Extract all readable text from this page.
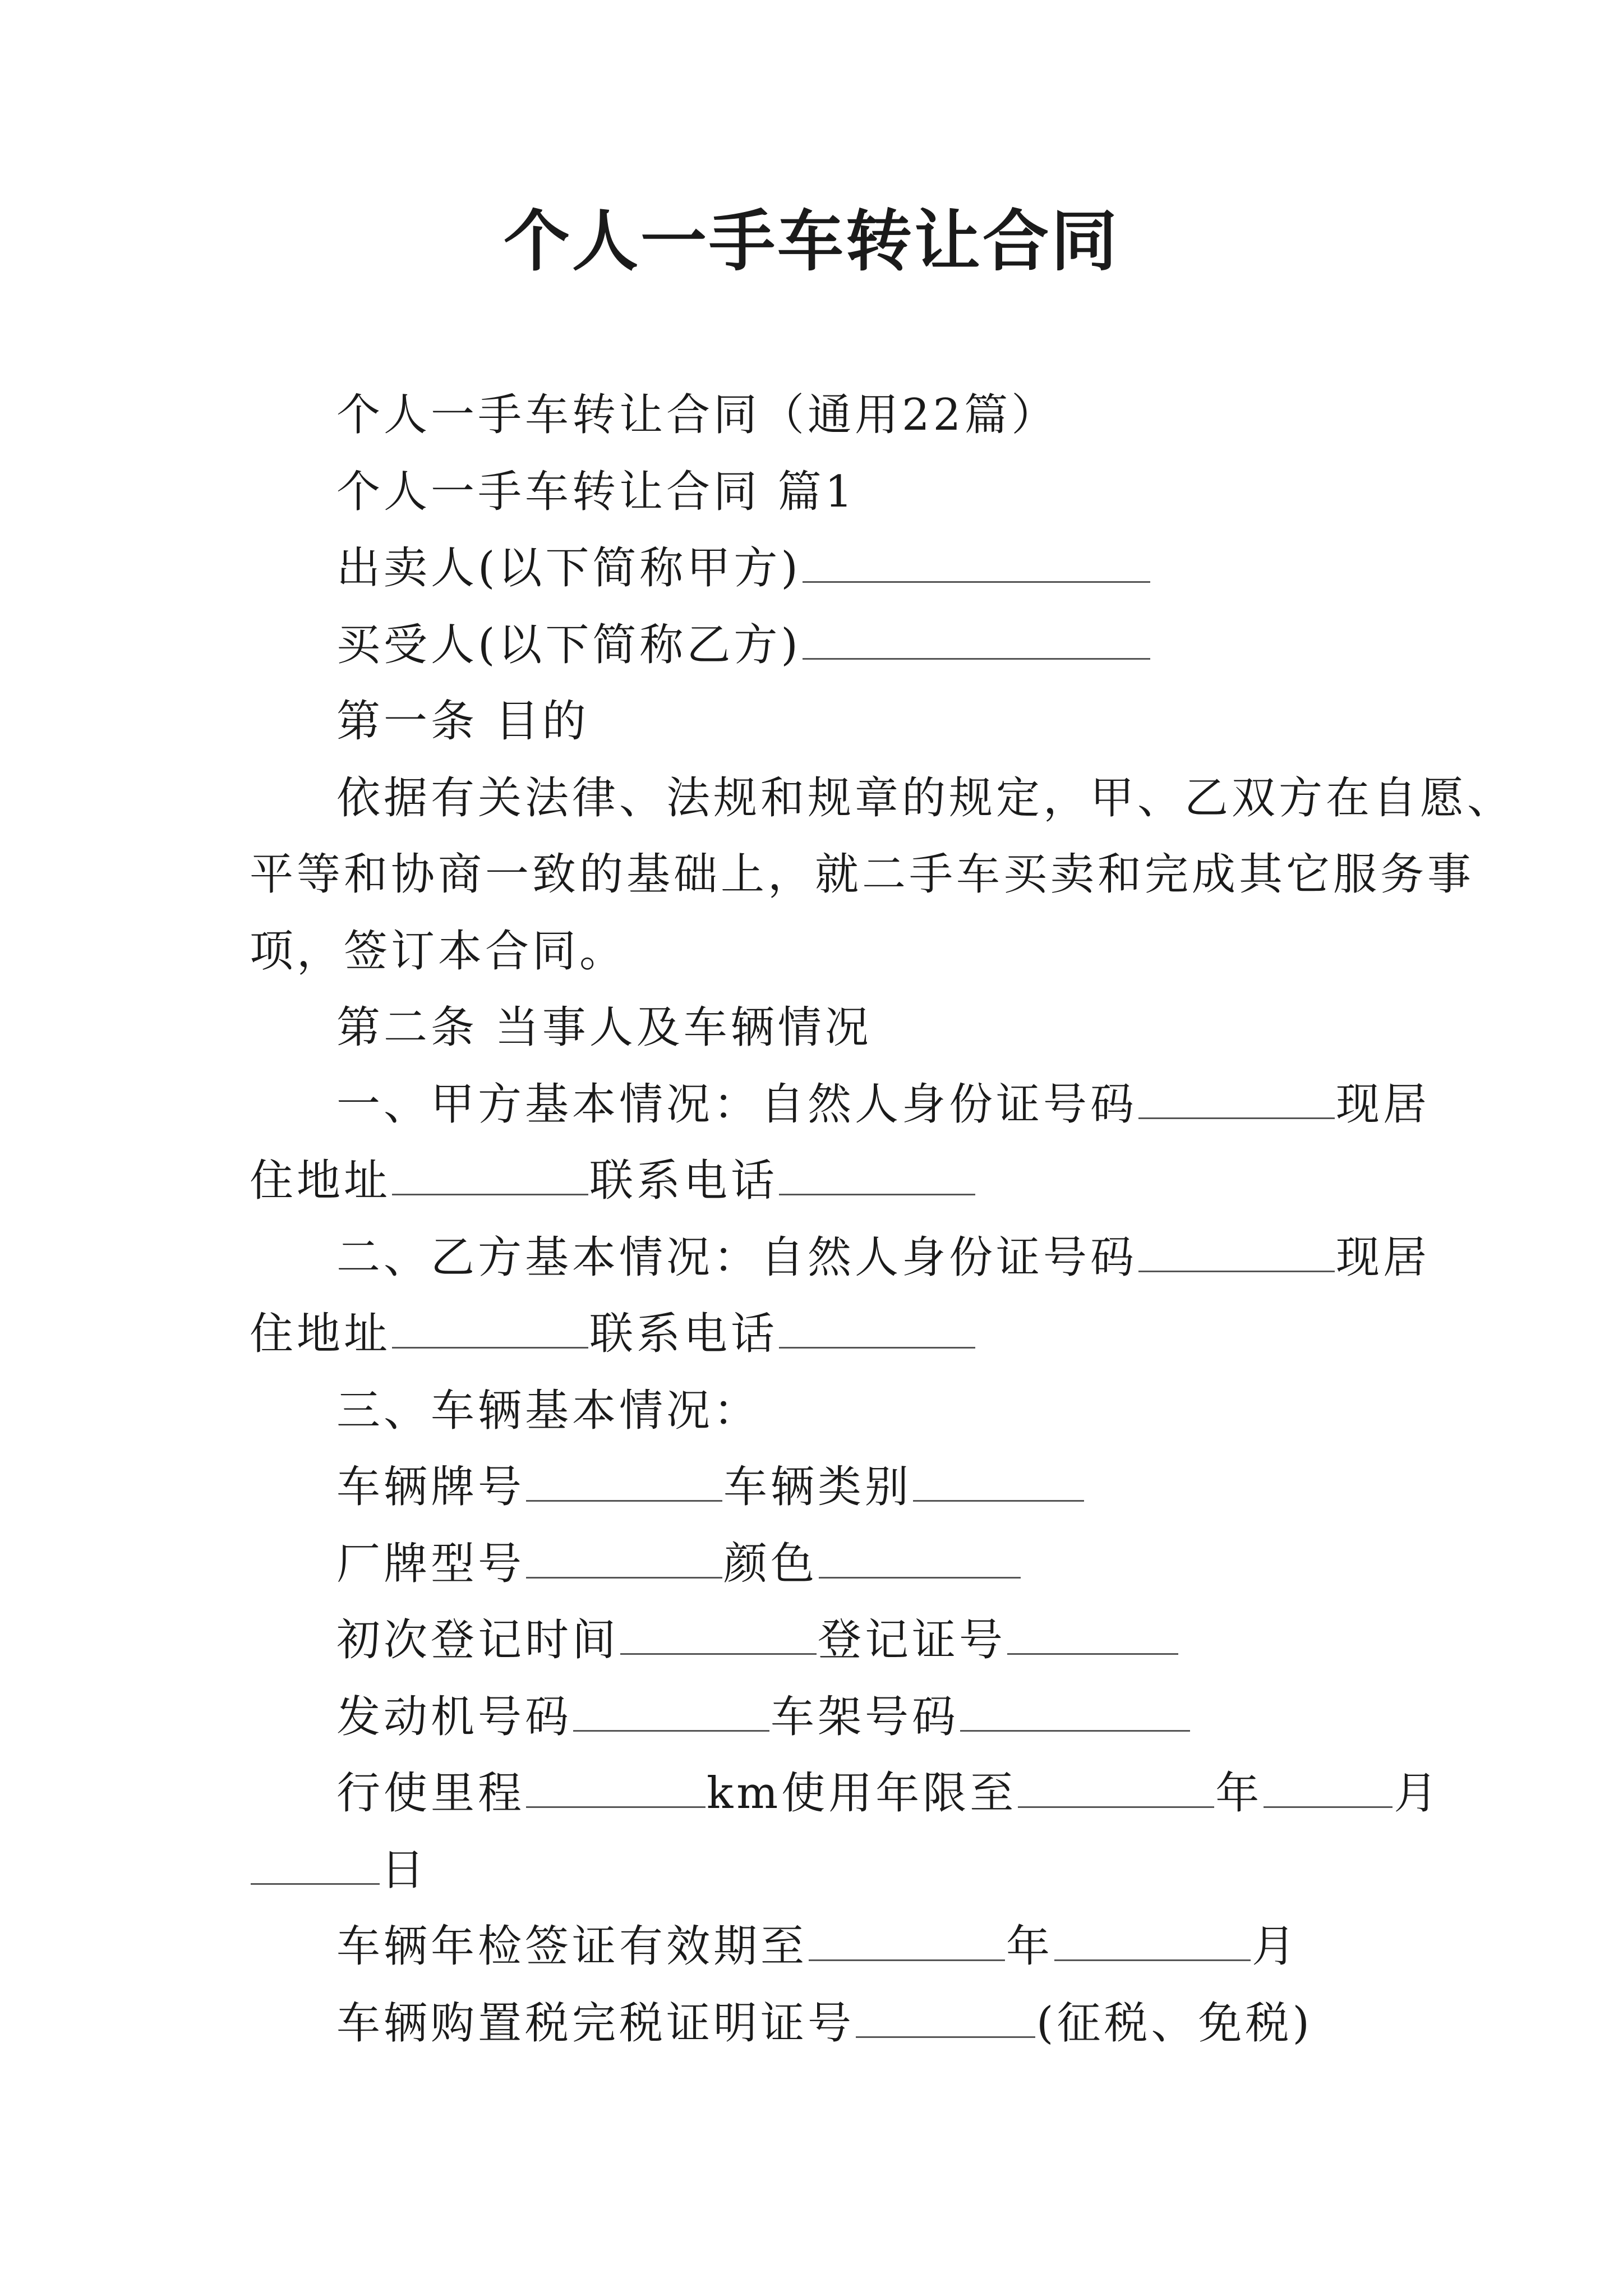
个人一手车转让合同
个人一手车转让合同（通用22篇）
个人一手车转让合同 篇1
出卖人(以下简称甲方)
买受人(以下简称乙方)
第一条 目的
依据有关法律、法规和规章的规定，甲、乙双方在自愿、
平等和协商一致的基础上，就二手车买卖和完成其它服务事
项，签订本合同。
第二条 当事人及车辆情况
一、甲方基本情况：自然人身份证号码	现居
住地址	联系电话
二、乙方基本情况：自然人身份证号码	现居
住地址	联系电话
三、车辆基本情况：
车辆牌号	车辆类别
厂牌型号	颜色
初次登记时间	登记证号
发动机号码	车架号码
行使里程	km使用年限至	年	月
日
车辆年检签证有效期至	年	月
车辆购置税完税证明证号	(征税、免税)
